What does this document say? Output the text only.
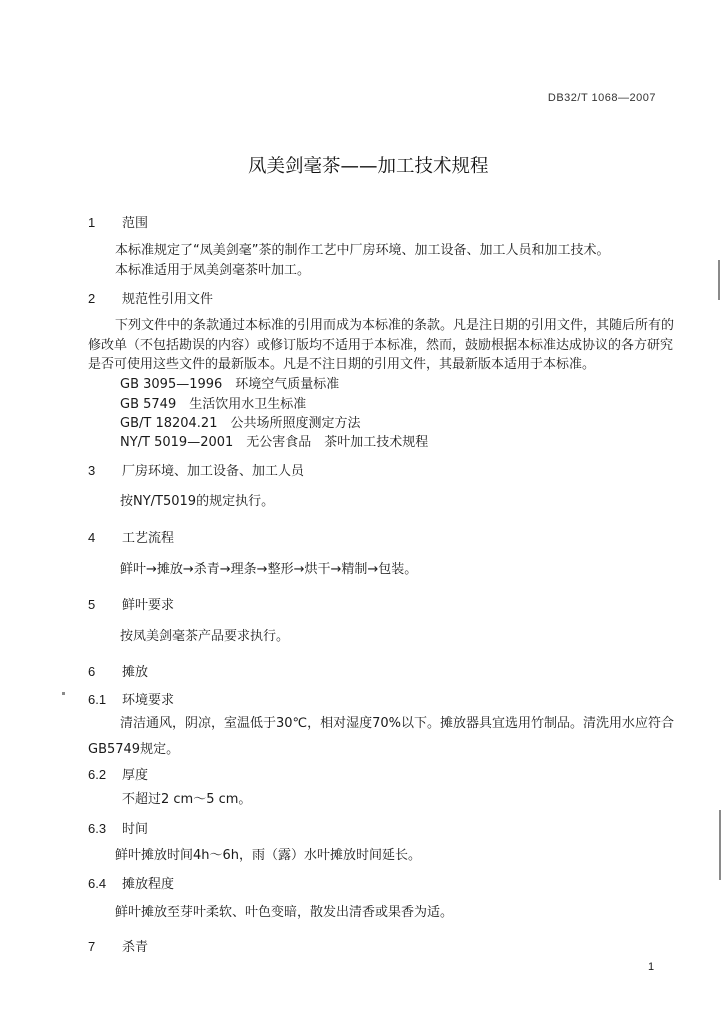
DB32/T 1068—2007
凤美剑毫茶——加工技术规程
1 范围
本标准规定了“凤美剑毫”茶的制作工艺中厂房环境、加工设备、加工人员和加工技术。
本标准适用于凤美剑毫茶叶加工。
2 规范性引用文件
下列文件中的条款通过本标准的引用而成为本标准的条款。凡是注日期的引用文件，其随后所有的
修改单（不包括勘误的内容）或修订版均不适用于本标准，然而，鼓励根据本标准达成协议的各方研究
是否可使用这些文件的最新版本。凡是不注日期的引用文件，其最新版本适用于本标准。
GB 3095—1996　环境空气质量标准
GB 5749　生活饮用水卫生标准
GB/T 18204.21　公共场所照度测定方法
NY/T 5019—2001　无公害食品　茶叶加工技术规程
3 厂房环境、加工设备、加工人员
按NY/T5019的规定执行。
4 工艺流程
鲜叶→摊放→杀青→理条→整形→烘干→精制→包装。
5 鲜叶要求
按凤美剑毫茶产品要求执行。
6 摊放
6.1 环境要求
清洁通风，阴凉，室温低于30℃，相对湿度70%以下。摊放器具宜选用竹制品。清洗用水应符合
GB5749规定。
6.2 厚度
不超过2 cm～5 cm。
6.3 时间
鲜叶摊放时间4h～6h，雨（露）水叶摊放时间延长。
6.4 摊放程度
鲜叶摊放至芽叶柔软、叶色变暗，散发出清香或果香为适。
7 杀青
1
